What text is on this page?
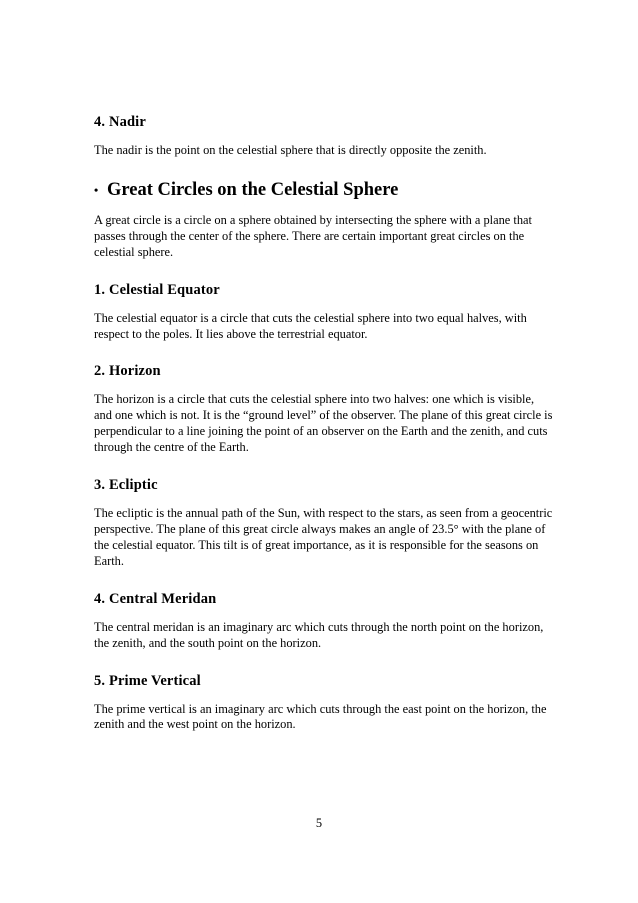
4. Nadir

The nadir is the point on the celestial sphere that is directly opposite the zenith.

• Great Circles on the Celestial Sphere

A great circle is a circle on a sphere obtained by intersecting the sphere with a plane that passes through the center of the sphere. There are certain important great circles on the celestial sphere.

1. Celestial Equator

The celestial equator is a circle that cuts the celestial sphere into two equal halves, with respect to the poles. It lies above the terrestrial equator.

2. Horizon

The horizon is a circle that cuts the celestial sphere into two halves: one which is visible, and one which is not. It is the “ground level” of the observer. The plane of this great circle is perpendicular to a line joining the point of an observer on the Earth and the zenith, and cuts through the centre of the Earth.

3. Ecliptic

The ecliptic is the annual path of the Sun, with respect to the stars, as seen from a geocentric perspective. The plane of this great circle always makes an angle of 23.5° with the plane of the celestial equator. This tilt is of great importance, as it is responsible for the seasons on Earth.

4. Central Meridan

The central meridan is an imaginary arc which cuts through the north point on the horizon, the zenith, and the south point on the horizon.

5. Prime Vertical

The prime vertical is an imaginary arc which cuts through the east point on the horizon, the zenith and the west point on the horizon.

5
